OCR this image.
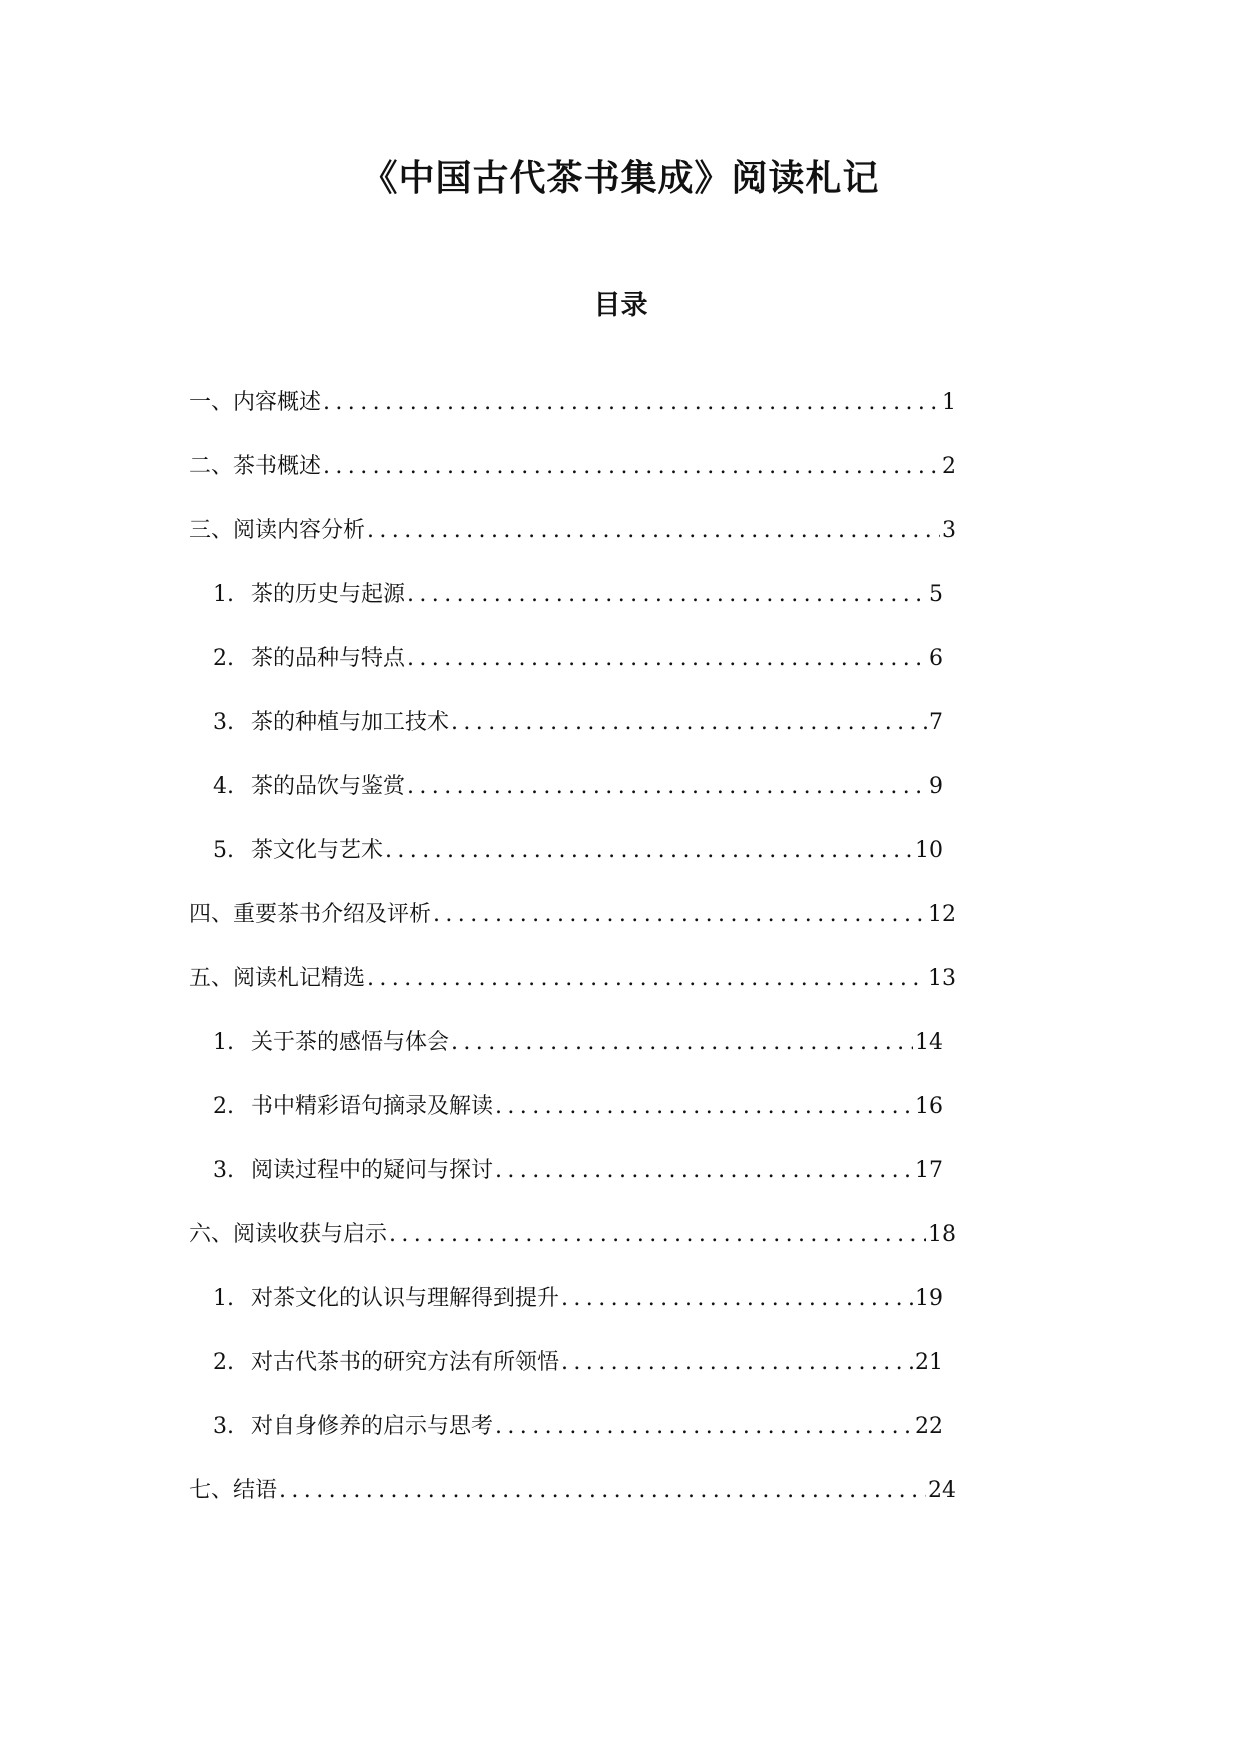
《中国古代茶书集成》阅读札记
目录
一、内容概述 .....	1
二、茶书概述 .....	2
三、阅读内容分析 .....	3
1. 茶的历史与起源 .....	5
2. 茶的品种与特点 .....	6
3. 茶的种植与加工技术 .....	7
4. 茶的品饮与鉴赏 .....	9
5. 茶文化与艺术 .....	10
四、重要茶书介绍及评析 .....	12
五、阅读札记精选 .....	13
1. 关于茶的感悟与体会 .....	14
2. 书中精彩语句摘录及解读 .....	16
3. 阅读过程中的疑问与探讨 .....	17
六、阅读收获与启示 .....	18
1. 对茶文化的认识与理解得到提升 .....	19
2. 对古代茶书的研究方法有所领悟 .....	21
3. 对自身修养的启示与思考 .....	22
七、结语 .....	24
